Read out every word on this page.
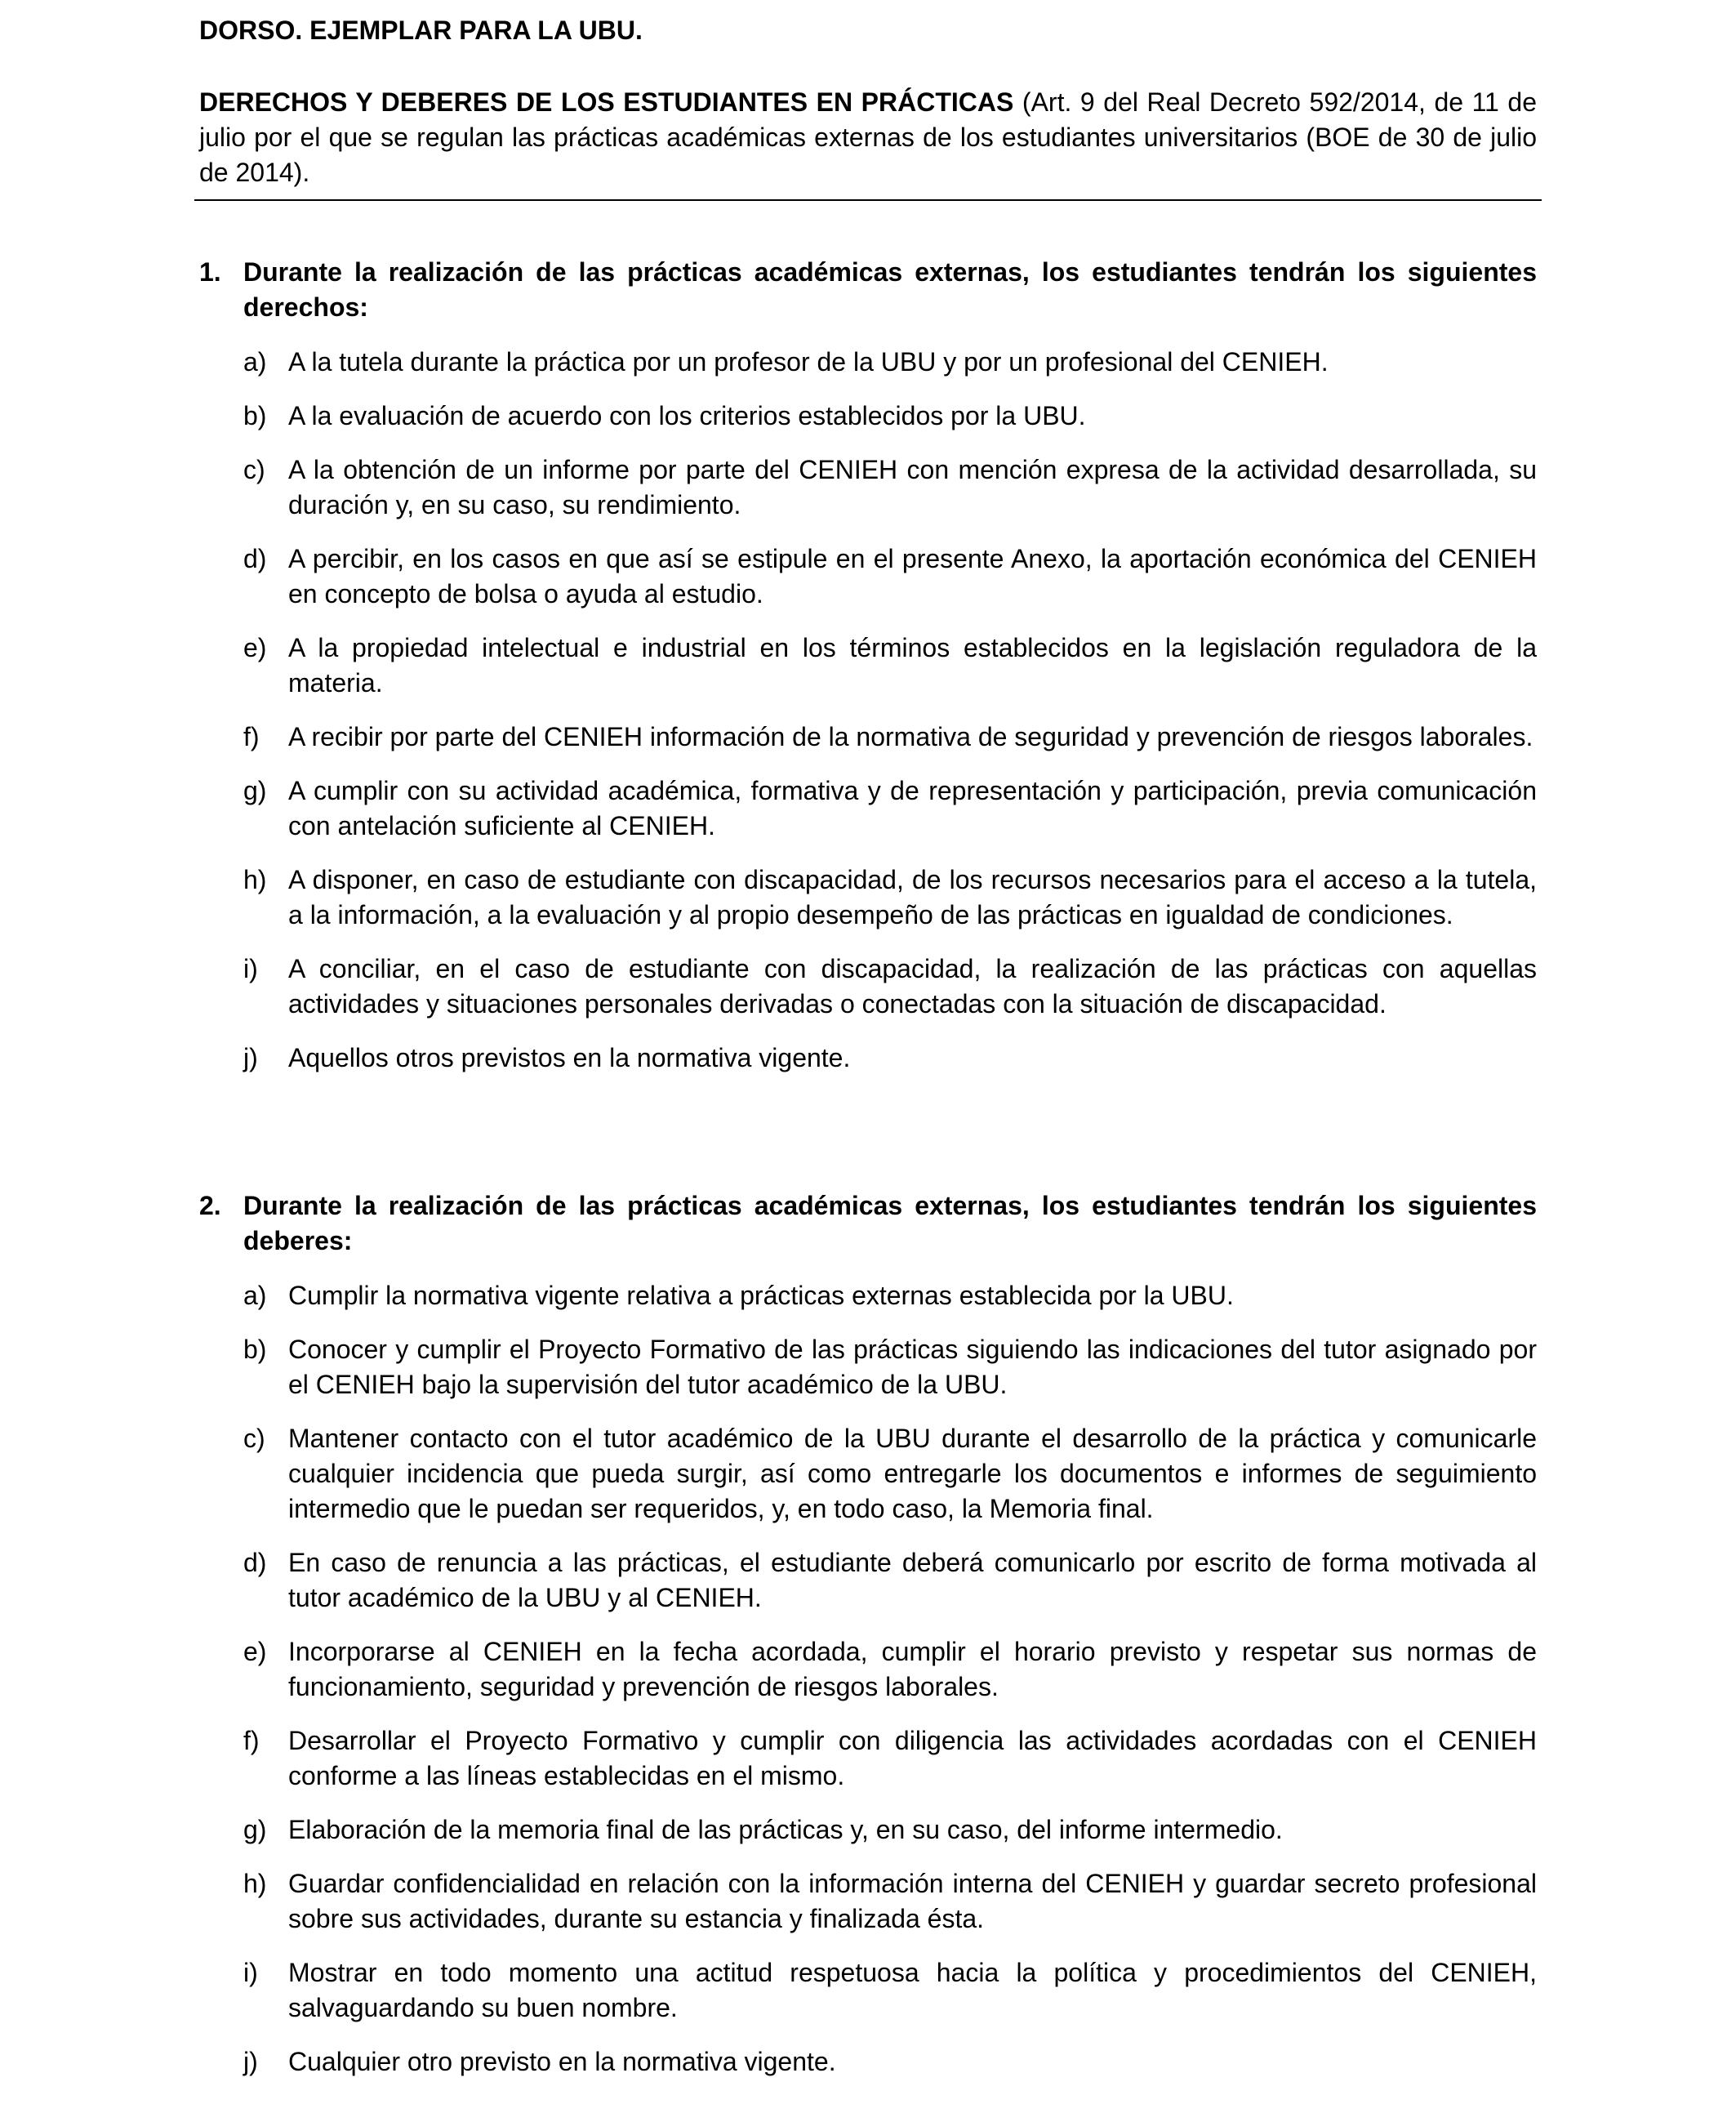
DORSO. EJEMPLAR PARA LA UBU.

DERECHOS Y DEBERES DE LOS ESTUDIANTES EN PRÁCTICAS (Art. 9 del Real Decreto 592/2014, de 11 de julio por el que se regulan las prácticas académicas externas de los estudiantes universitarios (BOE de 30 de julio de 2014).

1. Durante la realización de las prácticas académicas externas, los estudiantes tendrán los siguientes derechos:

a) A la tutela durante la práctica por un profesor de la UBU y por un profesional del CENIEH.
b) A la evaluación de acuerdo con los criterios establecidos por la UBU.
c) A la obtención de un informe por parte del CENIEH con mención expresa de la actividad desarrollada, su duración y, en su caso, su rendimiento.
d) A percibir, en los casos en que así se estipule en el presente Anexo, la aportación económica del CENIEH en concepto de bolsa o ayuda al estudio.
e) A la propiedad intelectual e industrial en los términos establecidos en la legislación reguladora de la materia.
f) A recibir por parte del CENIEH información de la normativa de seguridad y prevención de riesgos laborales.
g) A cumplir con su actividad académica, formativa y de representación y participación, previa comunicación con antelación suficiente al CENIEH.
h) A disponer, en caso de estudiante con discapacidad, de los recursos necesarios para el acceso a la tutela, a la información, a la evaluación y al propio desempeño de las prácticas en igualdad de condiciones.
i) A conciliar, en el caso de estudiante con discapacidad, la realización de las prácticas con aquellas actividades y situaciones personales derivadas o conectadas con la situación de discapacidad.
j) Aquellos otros previstos en la normativa vigente.

2. Durante la realización de las prácticas académicas externas, los estudiantes tendrán los siguientes deberes:

a) Cumplir la normativa vigente relativa a prácticas externas establecida por la UBU.
b) Conocer y cumplir el Proyecto Formativo de las prácticas siguiendo las indicaciones del tutor asignado por el CENIEH bajo la supervisión del tutor académico de la UBU.
c) Mantener contacto con el tutor académico de la UBU durante el desarrollo de la práctica y comunicarle cualquier incidencia que pueda surgir, así como entregarle los documentos e informes de seguimiento intermedio que le puedan ser requeridos, y, en todo caso, la Memoria final.
d) En caso de renuncia a las prácticas, el estudiante deberá comunicarlo por escrito de forma motivada al tutor académico de la UBU y al CENIEH.
e) Incorporarse al CENIEH en la fecha acordada, cumplir el horario previsto y respetar sus normas de funcionamiento, seguridad y prevención de riesgos laborales.
f) Desarrollar el Proyecto Formativo y cumplir con diligencia las actividades acordadas con el CENIEH conforme a las líneas establecidas en el mismo.
g) Elaboración de la memoria final de las prácticas y, en su caso, del informe intermedio.
h) Guardar confidencialidad en relación con la información interna del CENIEH y guardar secreto profesional sobre sus actividades, durante su estancia y finalizada ésta.
i) Mostrar en todo momento una actitud respetuosa hacia la política y procedimientos del CENIEH, salvaguardando su buen nombre.
j) Cualquier otro previsto en la normativa vigente.
